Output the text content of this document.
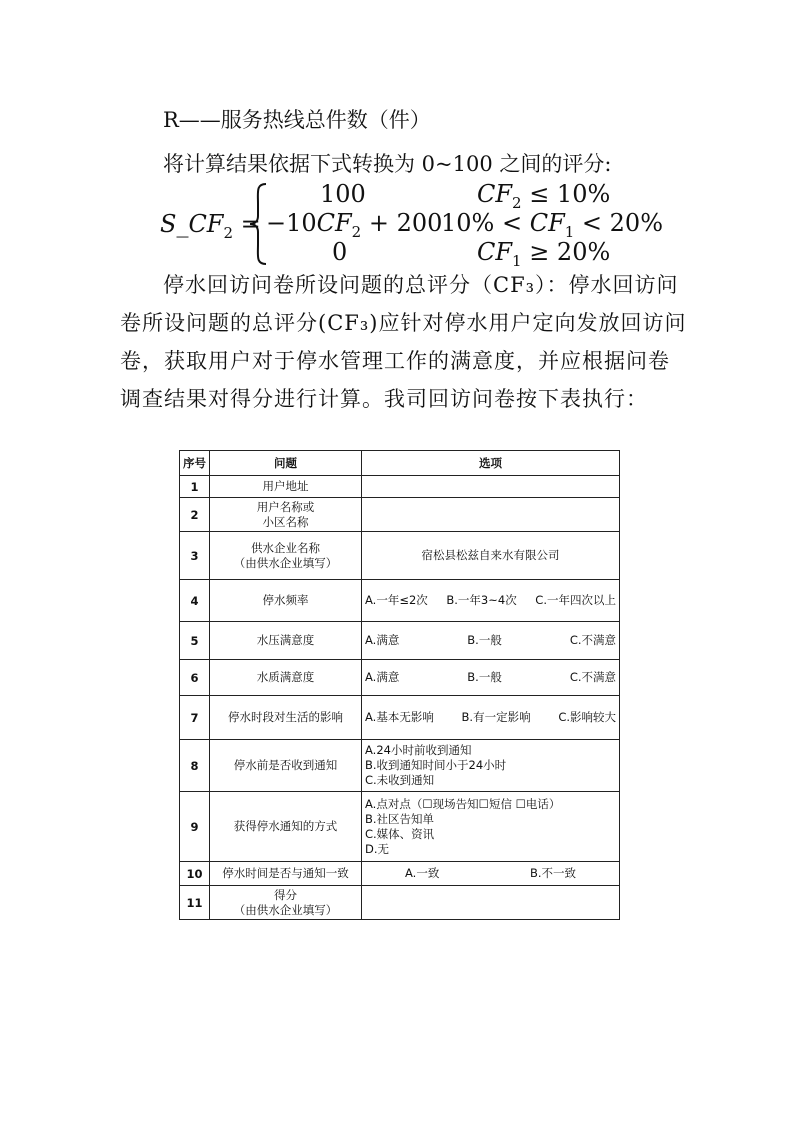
R——服务热线总件数（件）
将计算结果依据下式转换为 0~100 之间的评分:
$S\_CF_2$ =
100	$CF_2 \le 10\%$
$-10CF_2 + 200$
$10\% < CF_1 < 20\%$
0	$CF_1 \ge 20\%$
停水回访问卷所设问题的总评分（CF₃）：停水回访问卷所设问题的总评分(CF₃)应针对停水用户定向发放回访问卷，获取用户对于停水管理工作的满意度，并应根据问卷调查结果对得分进行计算。我司回访问卷按下表执行：
序号	问题	选项
1	用户地址	
2	用户名称或
小区名称	
3	供水企业名称
（由供水企业填写）	宿松县松兹自来水有限公司
4	停水频率	A.一年≤2次 B.一年3~4次 C.一年四次以上

5	水压满意度	A.满意 B.一般 C.不满意

6	水质满意度	A.满意 B.一般 C.不满意

7	停水时段对生活的影响	A.基本无影响 B.有一定影响 C.影响较大

8	停水前是否收到通知	A.24小时前收到通知
B.收到通知时间小于24小时
C.未收到通知
9	获得停水通知的方式	A.点对点（☐现场告知☐短信 ☐电话）
B.社区告知单
C.媒体、资讯
D.无
10	停水时间是否与通知一致	A.一致 B.不一致

11	得分
（由供水企业填写）	
